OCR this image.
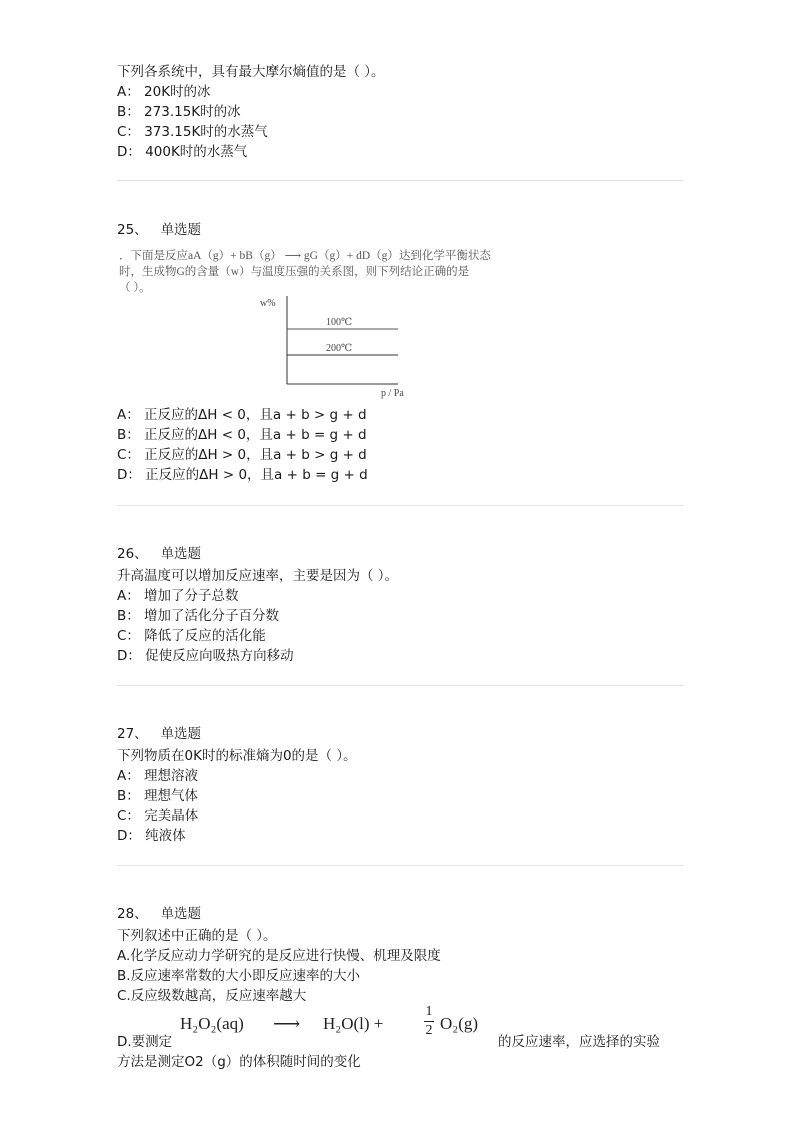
下列各系统中，具有最大摩尔熵值的是（ ）。
A： 20K时的冰
B： 273.15K时的冰
C： 373.15K时的水蒸气
D： 400K时的水蒸气
25、 单选题
．下面是反应aA（g）+ bB（g） ⟶ gG（g）+ dD（g）达到化学平衡状态
时，生成物G的含量（w）与温度压强的关系图，则下列结论正确的是
（ ）。
w%
100℃
200℃
p / Pa
A： 正反应的ΔH < 0，且a + b > g + d
B： 正反应的ΔH < 0，且a + b = g + d
C： 正反应的ΔH > 0，且a + b > g + d
D： 正反应的ΔH > 0，且a + b = g + d
26、 单选题
升高温度可以增加反应速率，主要是因为（ ）。
A： 增加了分子总数
B： 增加了活化分子百分数
C： 降低了反应的活化能
D： 促使反应向吸热方向移动
27、 单选题
下列物质在0K时的标准熵为0的是（ ）。
A： 理想溶液
B： 理想气体
C： 完美晶体
D： 纯液体
28、 单选题
下列叙述中正确的是（ ）。
A.化学反应动力学研究的是反应进行快慢、机理及限度
B.反应速率常数的大小即反应速率的大小
C.反应级数越高，反应速率越大
D.要测定
H₂O₂(aq) ⟶ H₂O(l) +
1
2 O₂(g)
的反应速率，应选择的实验
方法是测定O2（g）的体积随时间的变化
